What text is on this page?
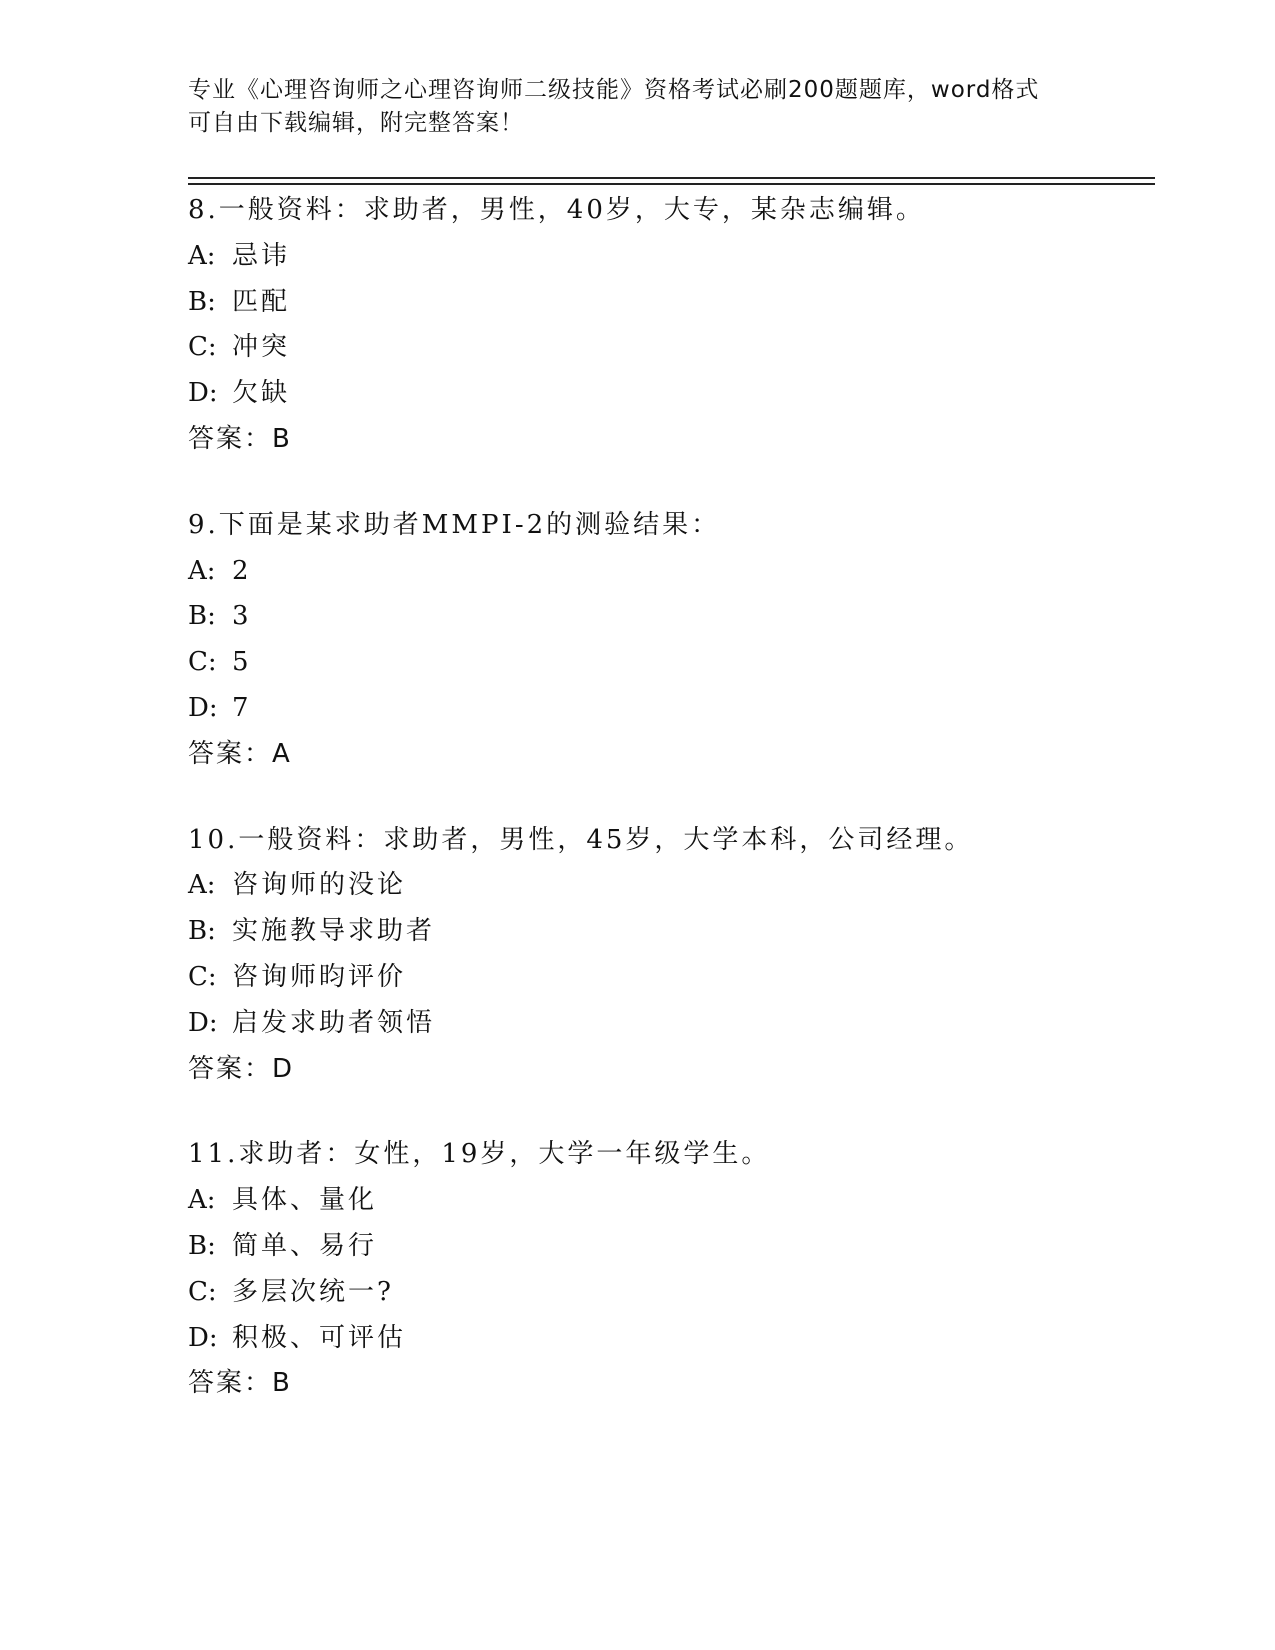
专业《心理咨询师之心理咨询师二级技能》资格考试必刷200题题库，word格式
可自由下载编辑，附完整答案！
8.一般资料：求助者，男性，40岁，大专，某杂志编辑。
A: 忌讳
B: 匹配
C: 冲突
D: 欠缺
答案：B
9.下面是某求助者MMPI-2的测验结果：
A: 2
B: 3
C: 5
D: 7
答案：A
10.一般资料：求助者，男性，45岁，大学本科，公司经理。
A: 咨询师的没论
B: 实施教导求助者
C: 咨询师昀评价
D: 启发求助者领悟
答案：D
11.求助者：女性，19岁，大学一年级学生。
A: 具体、量化
B: 简单、易行
C: 多层次统一?
D: 积极、可评估
答案：B
